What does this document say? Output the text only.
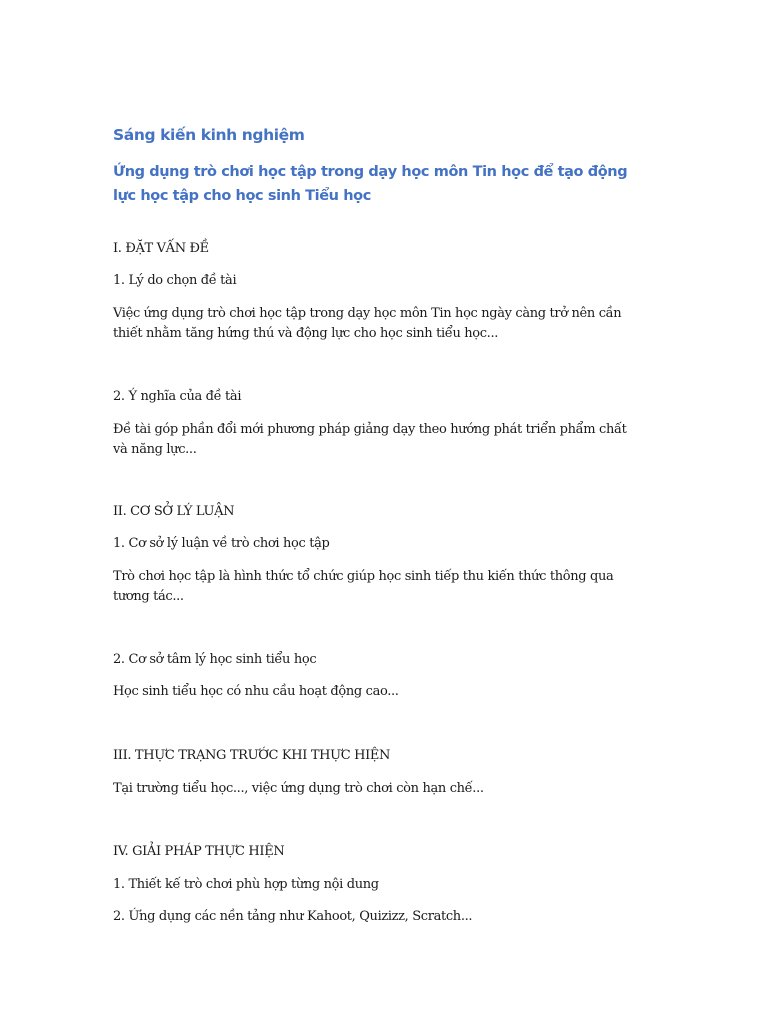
Sáng kiến kinh nghiệm
Ứng dụng trò chơi học tập trong dạy học môn Tin học để tạo động lực học tập cho học sinh Tiểu học
I. ĐẶT VẤN ĐỀ
1. Lý do chọn đề tài
Việc ứng dụng trò chơi học tập trong dạy học môn Tin học ngày càng trở nên cần thiết nhằm tăng hứng thú và động lực cho học sinh tiểu học...
2. Ý nghĩa của đề tài
Đề tài góp phần đổi mới phương pháp giảng dạy theo hướng phát triển phẩm chất và năng lực...
II. CƠ SỞ LÝ LUẬN
1. Cơ sở lý luận về trò chơi học tập
Trò chơi học tập là hình thức tổ chức giúp học sinh tiếp thu kiến thức thông qua tương tác...
2. Cơ sở tâm lý học sinh tiểu học
Học sinh tiểu học có nhu cầu hoạt động cao...
III. THỰC TRẠNG TRƯỚC KHI THỰC HIỆN
Tại trường tiểu học..., việc ứng dụng trò chơi còn hạn chế...
IV. GIẢI PHÁP THỰC HIỆN
1. Thiết kế trò chơi phù hợp từng nội dung
2. Ứng dụng các nền tảng như Kahoot, Quizizz, Scratch...
